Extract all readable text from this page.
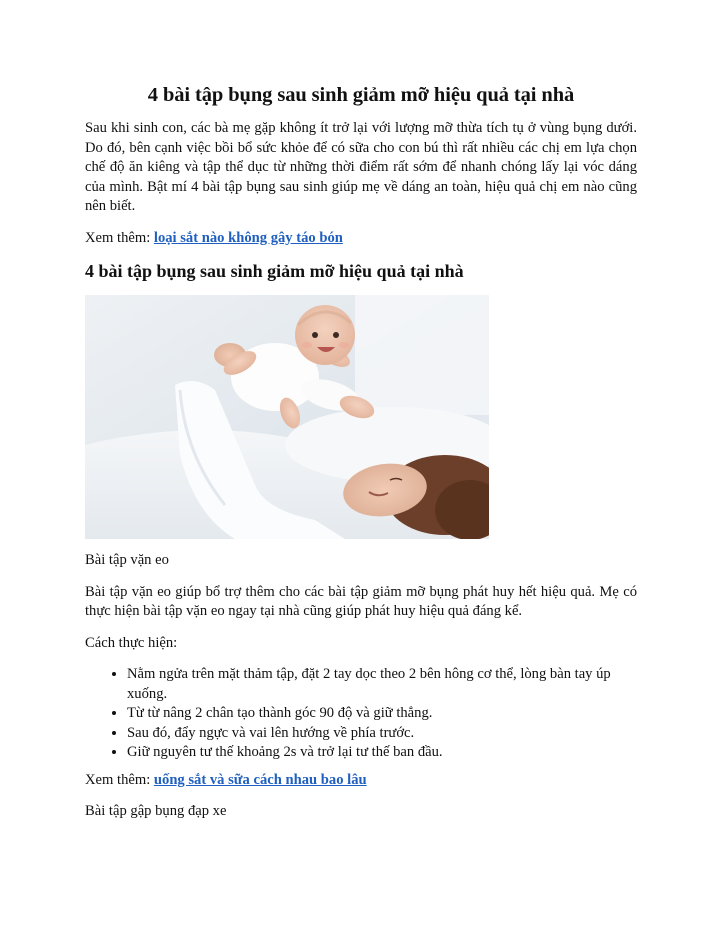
4 bài tập bụng sau sinh giảm mỡ hiệu quả tại nhà

Sau khi sinh con, các bà mẹ gặp không ít trở lại với lượng mỡ thừa tích tụ ở vùng bụng dưới. Do đó, bên cạnh việc bồi bổ sức khỏe để có sữa cho con bú thì rất nhiều các chị em lựa chọn chế độ ăn kiêng và tập thể dục từ những thời điểm rất sớm để nhanh chóng lấy lại vóc dáng của mình. Bật mí 4 bài tập bụng sau sinh giúp mẹ về dáng an toàn, hiệu quả chị em nào cũng nên biết.

Xem thêm: loại sắt nào không gây táo bón

4 bài tập bụng sau sinh giảm mỡ hiệu quả tại nhà

Bài tập vặn eo

Bài tập vặn eo giúp bổ trợ thêm cho các bài tập giảm mỡ bụng phát huy hết hiệu quả. Mẹ có thực hiện bài tập vặn eo ngay tại nhà cũng giúp phát huy hiệu quả đáng kể.

Cách thực hiện:

• Nằm ngửa trên mặt thảm tập, đặt 2 tay dọc theo 2 bên hông cơ thể, lòng bàn tay úp xuống.
• Từ từ nâng 2 chân tạo thành góc 90 độ và giữ thẳng.
• Sau đó, đẩy ngực và vai lên hướng về phía trước.
• Giữ nguyên tư thế khoảng 2s và trở lại tư thế ban đầu.

Xem thêm: uống sắt và sữa cách nhau bao lâu

Bài tập gập bụng đạp xe
